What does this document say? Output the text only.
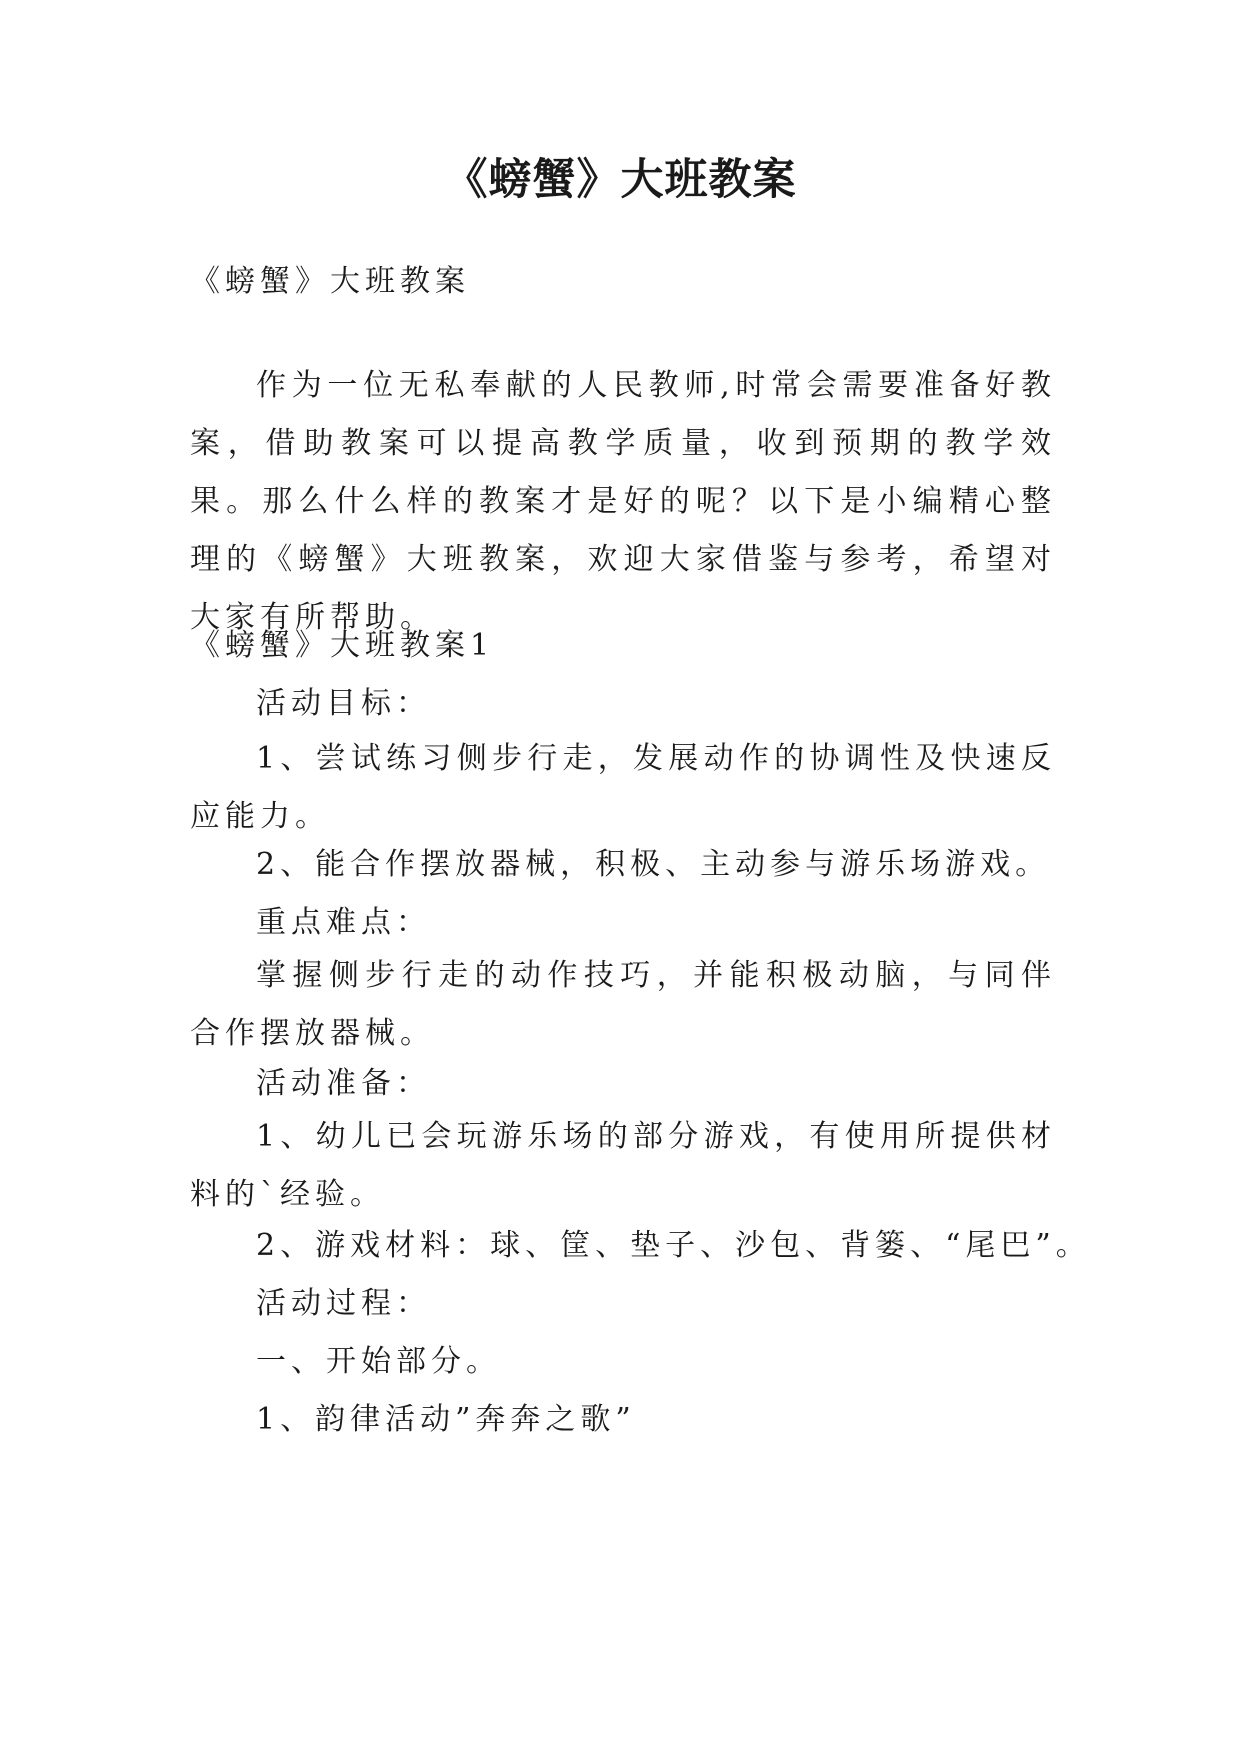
《螃蟹》大班教案

《螃蟹》大班教案

作为一位无私奉献的人民教师,时常会需要准备好教案，借助教案可以提高教学质量，收到预期的教学效果。那么什么样的教案才是好的呢？以下是小编精心整理的《螃蟹》大班教案，欢迎大家借鉴与参考，希望对大家有所帮助。

《螃蟹》大班教案1

活动目标：

1、尝试练习侧步行走，发展动作的协调性及快速反应能力。

2、能合作摆放器械，积极、主动参与游乐场游戏。

重点难点：

掌握侧步行走的动作技巧，并能积极动脑，与同伴合作摆放器械。

活动准备：

1、幼儿已会玩游乐场的部分游戏，有使用所提供材料的`经验。

2、游戏材料：球、筐、垫子、沙包、背篓、“尾巴”。

活动过程：

一、开始部分。

1、韵律活动”奔奔之歌”
